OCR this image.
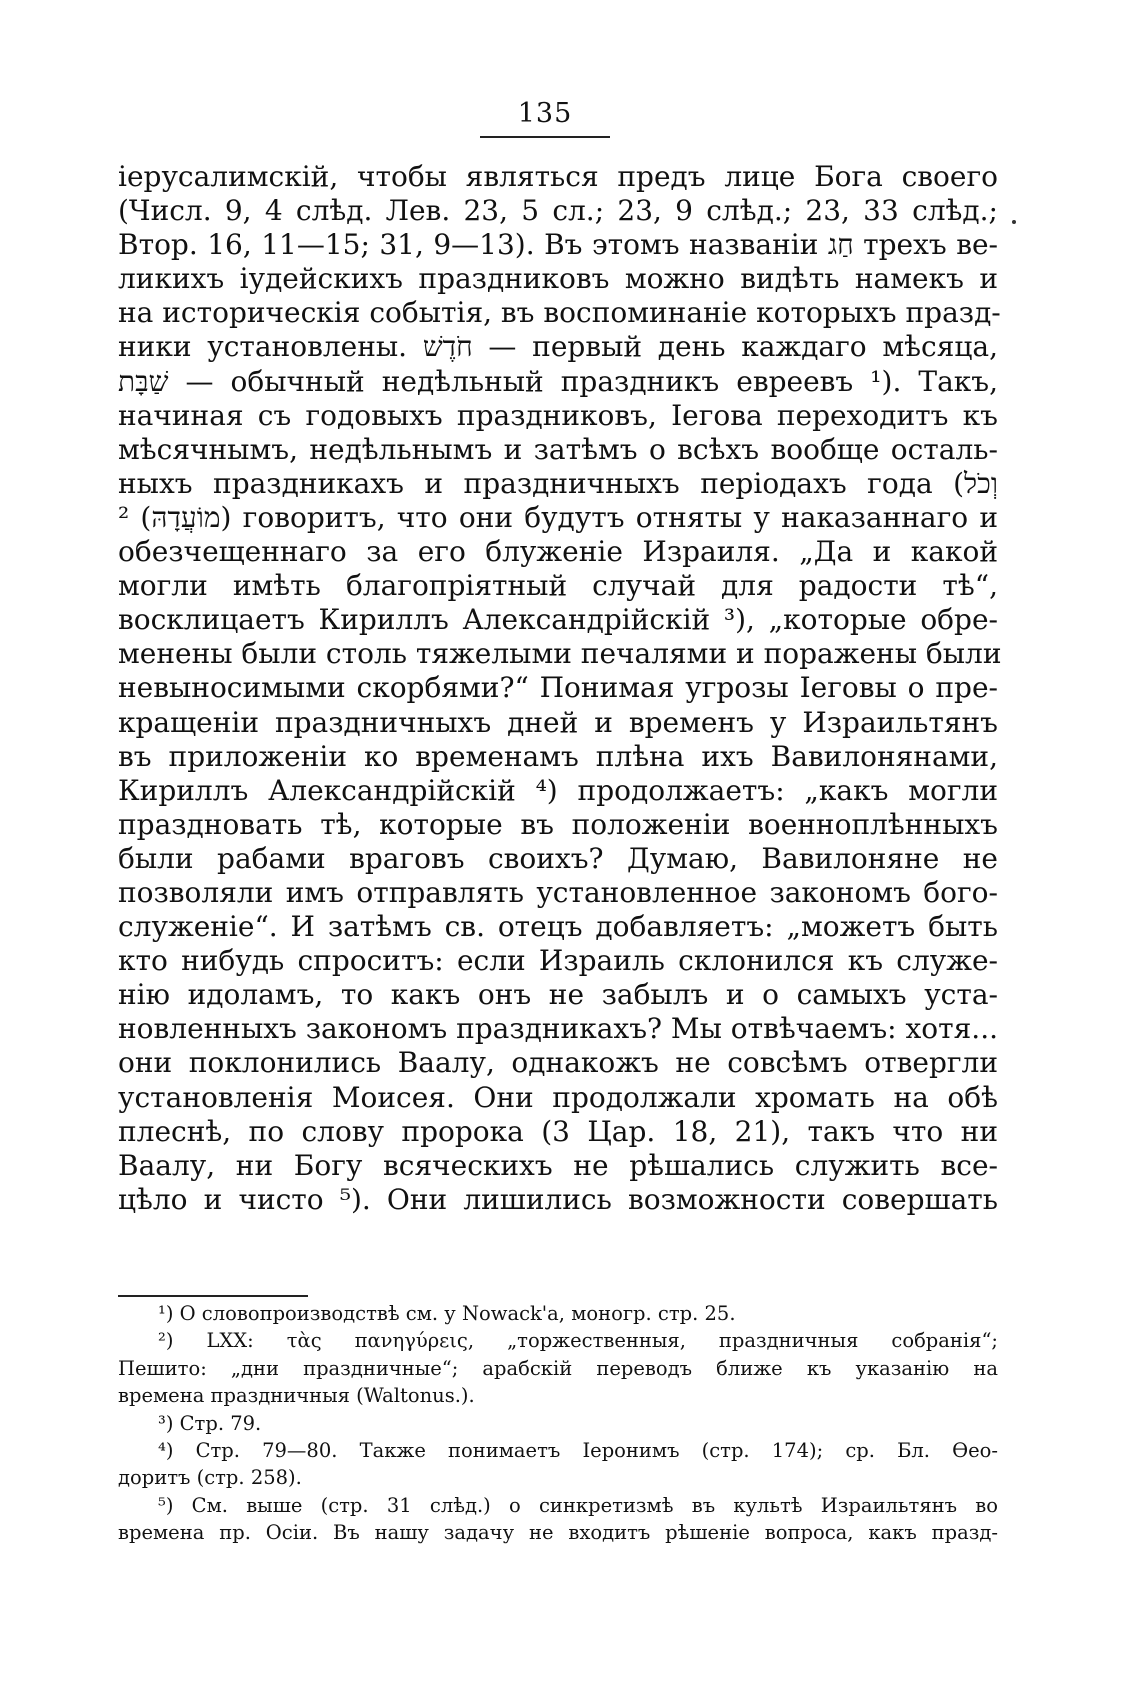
135
іерусалимскій, чтобы являться предъ лице Бога своего
(Числ. 9, 4 слѣд. Лев. 23, 5 сл.; 23, 9 слѣд.; 23, 33 слѣд.;
Втор. 16, 11—15; 31, 9—13). Въ этомъ названіи חַג трехъ ве-
ликихъ іудейскихъ праздниковъ можно видѣть намекъ и
на историческія событія, въ воспоминаніе которыхъ празд-
ники установлены. חֹדֶשׁ — первый день каждаго мѣсяца,
שַׁבָּת — обычный недѣльный праздникъ евреевъ ¹). Такъ,
начиная съ годовыхъ праздниковъ, Іегова переходитъ къ
мѣсячнымъ, недѣльнымъ и затѣмъ о всѣхъ вообще осталь-
ныхъ праздникахъ и праздничныхъ періодахъ года (וְכֹל
מוֹעֲדָהּ) ²) говоритъ, что они будутъ отняты у наказаннаго и
обезчещеннаго за его блуженіе Израиля. „Да и какой
могли имѣть благопріятный случай для радости тѣ“,
восклицаетъ Кириллъ Александрійскій ³), „которые обре-
менены были столь тяжелыми печалями и поражены были
невыносимыми скорбями?“ Понимая угрозы Іеговы о пре-
кращеніи праздничныхъ дней и временъ у Израильтянъ
въ приложеніи ко временамъ плѣна ихъ Вавилонянами,
Кириллъ Александрійскій ⁴) продолжаетъ: „какъ могли
праздновать тѣ, которые въ положеніи военноплѣнныхъ
были рабами враговъ своихъ? Думаю, Вавилоняне не
позволяли имъ отправлять установленное закономъ бого-
служеніе“. И затѣмъ св. отецъ добавляетъ: „можетъ быть
кто нибудь спроситъ: если Израиль склонился къ служе-
нію идоламъ, то какъ онъ не забылъ и о самыхъ уста-
новленныхъ закономъ праздникахъ? Мы отвѣчаемъ: хотя...
они поклонились Ваалу, однакожъ не совсѣмъ отвергли
установленія Моисея. Они продолжали хромать на обѣ
плеснѣ, по слову пророка (3 Цар. 18, 21), такъ что ни
Ваалу, ни Богу всяческихъ не рѣшались служить все-
цѣло и чисто ⁵). Они лишились возможности совершать
¹) О словопроизводствѣ см. у Nowack'а, моногр. стр. 25.
²) LXX: τὰς πανηγύρεις, „торжественныя, праздничныя собранія“;
Пешито: „дни праздничные“; арабскій переводъ ближе къ указанію на
времена праздничныя (Waltonus.).
³) Стр. 79.
⁴) Стр. 79—80. Также понимаетъ Іеронимъ (стр. 174); ср. Бл. Ѳео-
доритъ (стр. 258).
⁵) См. выше (стр. 31 слѣд.) о синкретизмѣ въ культѣ Израильтянъ во
времена пр. Осіи. Въ нашу задачу не входитъ рѣшеніе вопроса, какъ празд-
